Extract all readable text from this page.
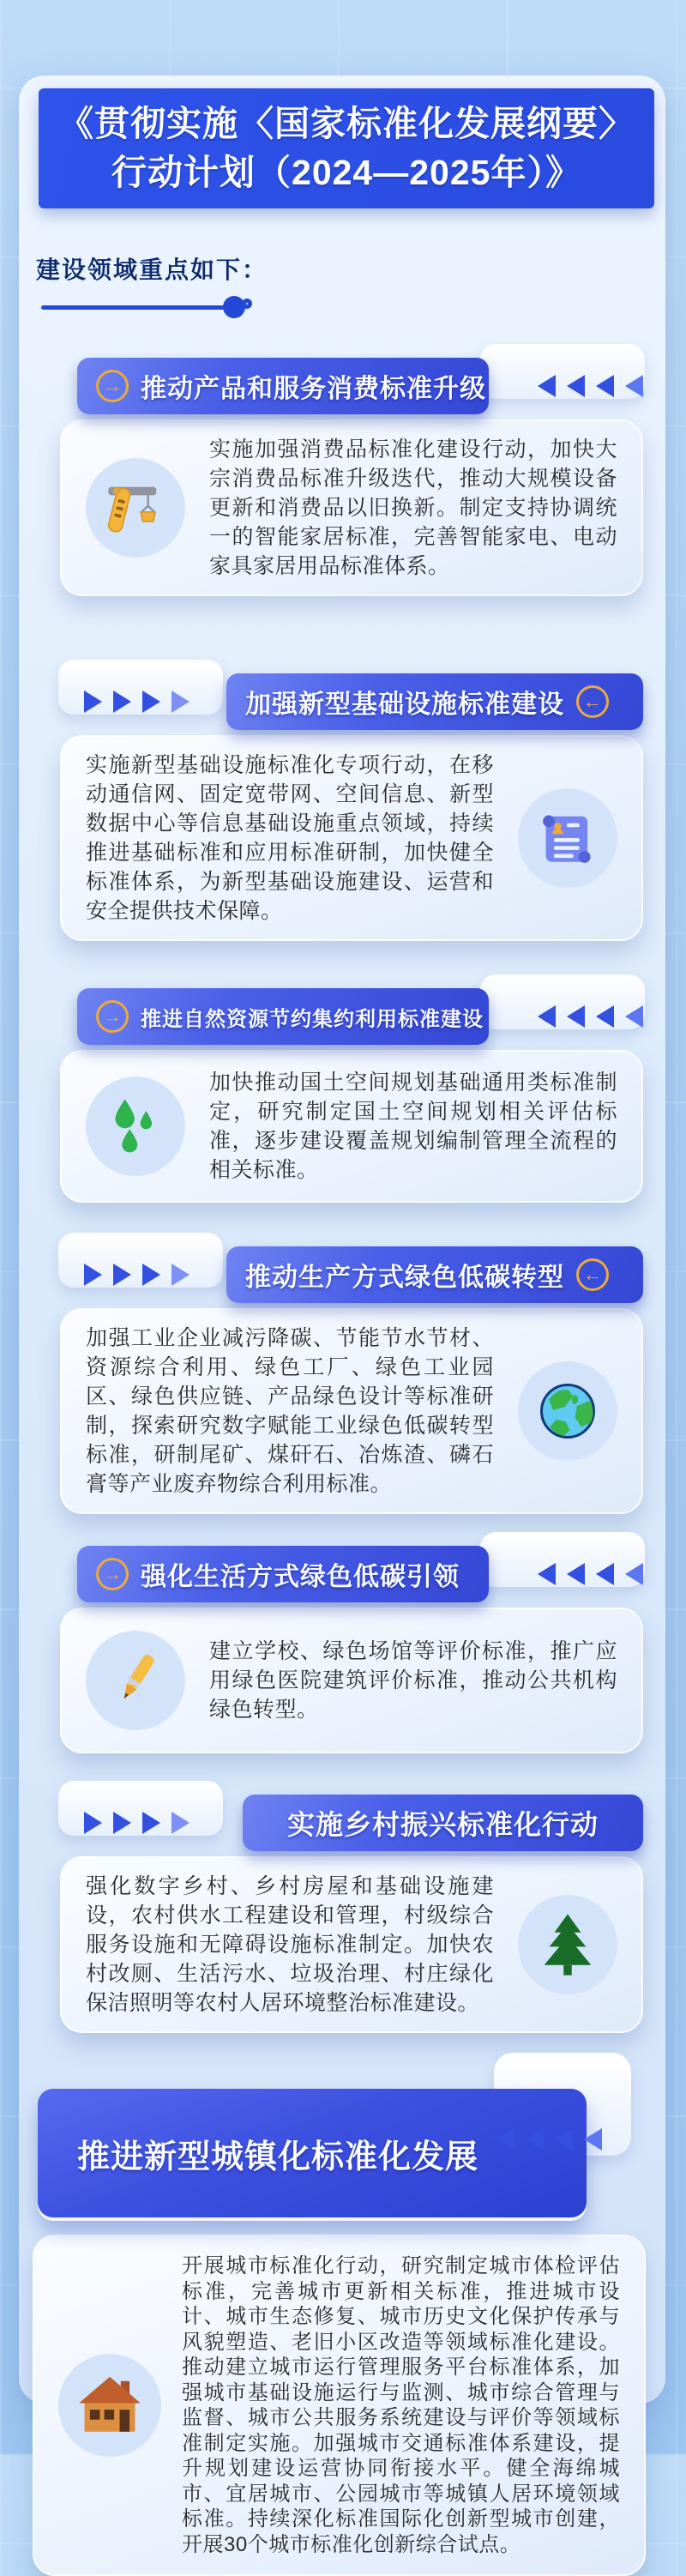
《贯彻实施〈国家标准化发展纲要〉
行动计划（2024—2025年）》
建设领域重点如下：
→ 推动产品和服务消费标准升级
实施加强消费品标准化建设行动，加快大宗消费品标准升级迭代，推动大规模设备更新和消费品以旧换新。制定支持协调统一的智能家居标准，完善智能家电、电动家具家居用品标准体系。
加强新型基础设施标准建设	←
实施新型基础设施标准化专项行动，在移动通信网、固定宽带网、空间信息、新型数据中心等信息基础设施重点领域，持续推进基础标准和应用标准研制，加快健全标准体系，为新型基础设施建设、运营和安全提供技术保障。
→ 推进自然资源节约集约利用标准建设
加快推动国土空间规划基础通用类标准制定，研究制定国土空间规划相关评估标准，逐步建设覆盖规划编制管理全流程的相关标准。
推动生产方式绿色低碳转型	←
加强工业企业减污降碳、节能节水节材、资源综合利用、绿色工厂、绿色工业园区、绿色供应链、产品绿色设计等标准研制，探索研究数字赋能工业绿色低碳转型标准，研制尾矿、煤矸石、冶炼渣、磷石膏等产业废弃物综合利用标准。
→ 强化生活方式绿色低碳引领
建立学校、绿色场馆等评价标准，推广应用绿色医院建筑评价标准，推动公共机构绿色转型。
实施乡村振兴标准化行动
强化数字乡村、乡村房屋和基础设施建设，农村供水工程建设和管理，村级综合服务设施和无障碍设施标准制定。加快农村改厕、生活污水、垃圾治理、村庄绿化保洁照明等农村人居环境整治标准建设。
推进新型城镇化标准化发展
开展城市标准化行动，研究制定城市体检评估标准，完善城市更新相关标准，推进城市设计、城市生态修复、城市历史文化保护传承与风貌塑造、老旧小区改造等领域标准化建设。推动建立城市运行管理服务平台标准体系，加强城市基础设施运行与监测、城市综合管理与监督、城市公共服务系统建设与评价等领域标准制定实施。加强城市交通标准体系建设，提升规划建设运营协同衔接水平。健全海绵城市、宜居城市、公园城市等城镇人居环境领域标准。持续深化标准国际化创新型城市创建，开展30个城市标准化创新综合试点。
